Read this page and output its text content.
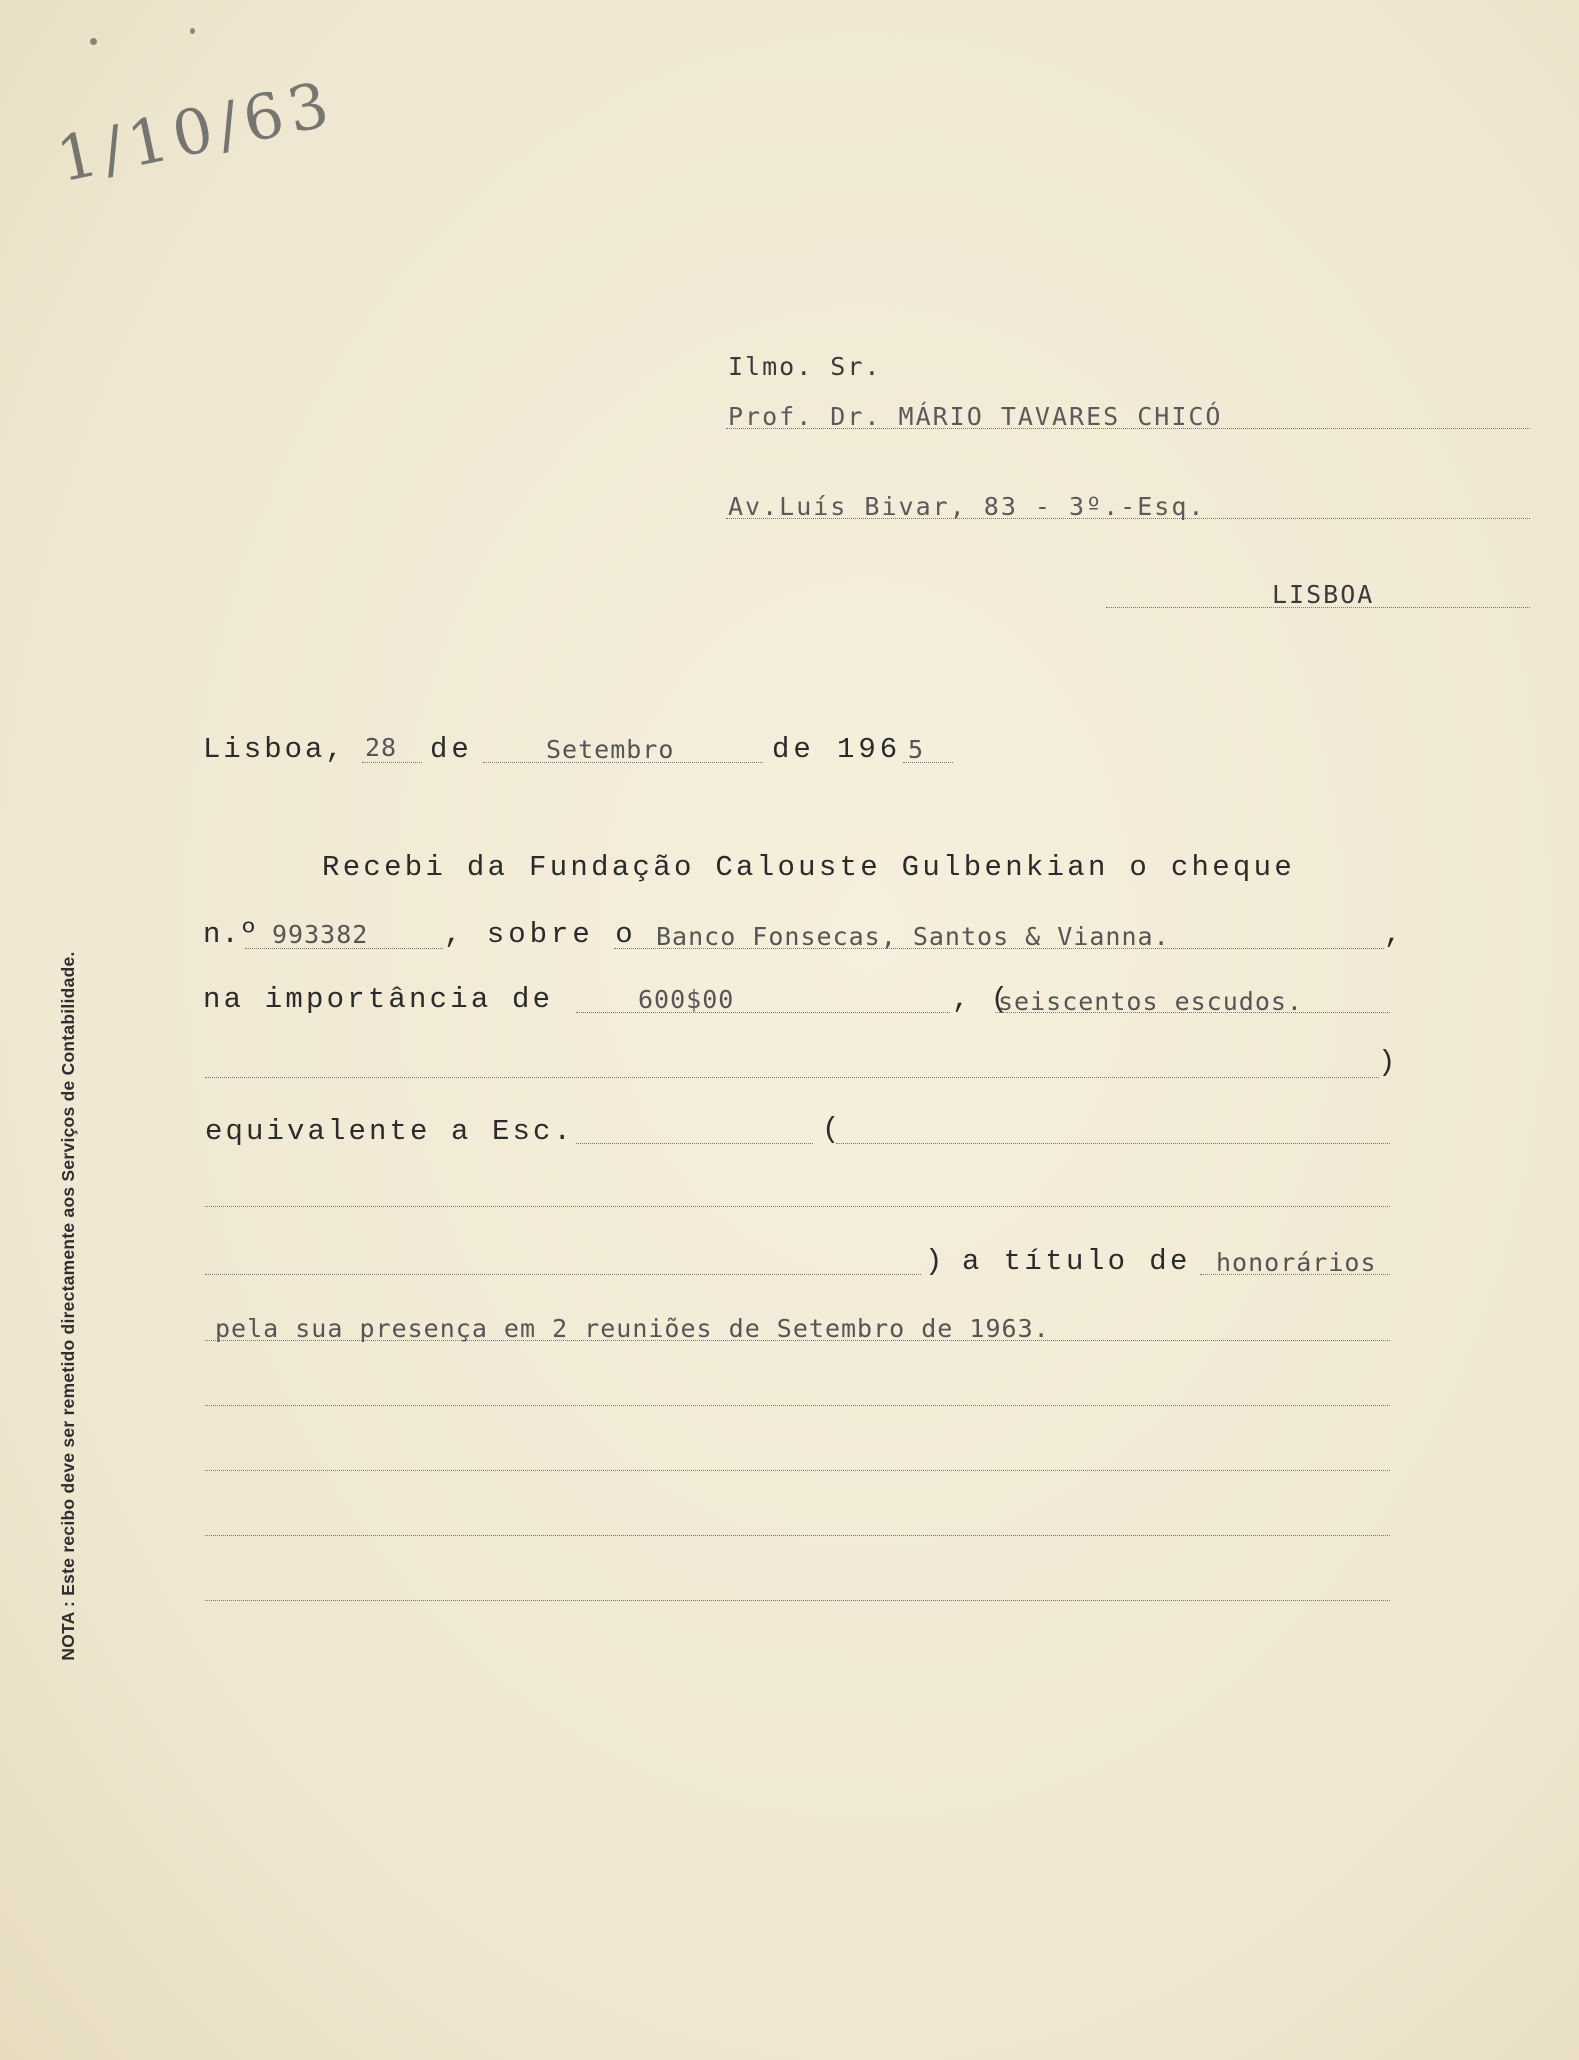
1/10/63
NOTA : Este recibo deve ser remetido directamente aos Serviços de Contabilidade.
Ilmo. Sr.
Prof. Dr. MÁRIO TAVARES CHICÓ
Av.Luís Bivar, 83 - 3º.-Esq.
LISBOA
Lisboa, 28 de	Setembro	de 196 5
Recebi da Fundação Calouste Gulbenkian o cheque
n.º 993382	, sobre o Banco Fonsecas, Santos & Vianna.	,
na importância de	600$00	, (
seiscentos escudos.
)
equivalente a Esc.	(
) a título de honorários
pela sua presença em 2 reuniões de Setembro de 1963.
